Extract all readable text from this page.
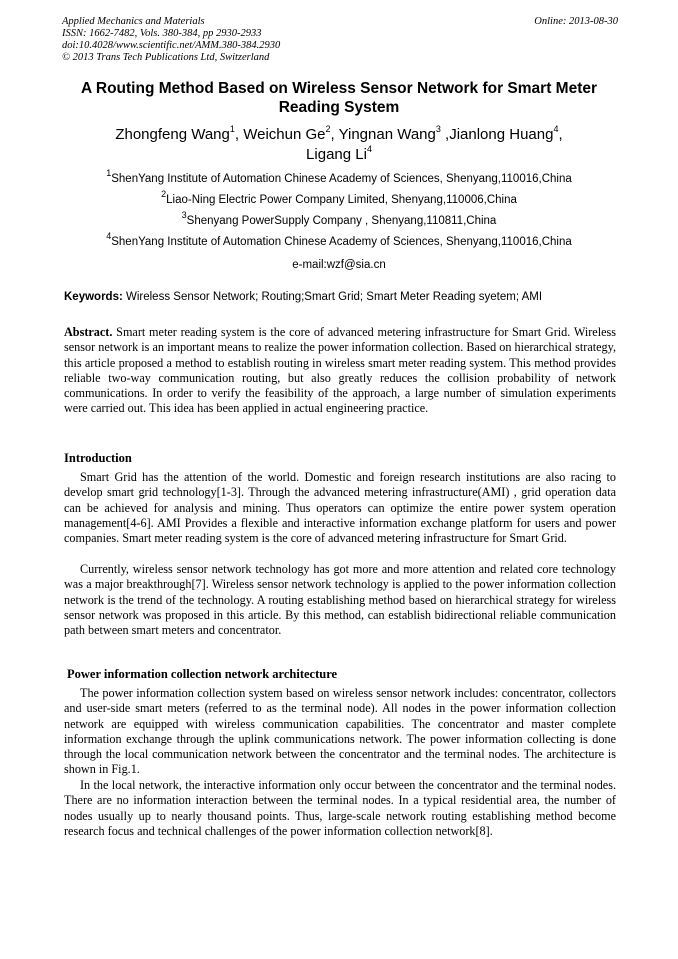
Applied Mechanics and Materials
ISSN: 1662-7482, Vols. 380-384, pp 2930-2933
doi:10.4028/www.scientific.net/AMM.380-384.2930
© 2013 Trans Tech Publications Ltd, Switzerland
Online: 2013-08-30
A Routing Method Based on Wireless Sensor Network for Smart Meter
Reading System
Zhongfeng Wang$^1$, Weichun Ge$^2$, Yingnan Wang$^3$ ,Jianlong Huang$^4$,
Ligang Li$^4$
$^1$ShenYang Institute of Automation Chinese Academy of Sciences, Shenyang,110016,China
$^2$Liao-Ning Electric Power Company Limited, Shenyang,110006,China
$^3$Shenyang PowerSupply Company , Shenyang,110811,China
$^4$ShenYang Institute of Automation Chinese Academy of Sciences, Shenyang,110016,China
e-mail:wzf@sia.cn
Keywords: Wireless Sensor Network; Routing;Smart Grid; Smart Meter Reading syetem; AMI
Abstract. Smart meter reading system is the core of advanced metering infrastructure for Smart Grid. Wireless sensor network is an important means to realize the power information collection. Based on hierarchical strategy, this article proposed a method to establish routing in wireless smart meter reading system. This method provides reliable two-way communication routing, but also greatly reduces the collision probability of network communications. In order to verify the feasibility of the approach, a large number of simulation experiments were carried out. This idea has been applied in actual engineering practice.
Introduction
Smart Grid has the attention of the world. Domestic and foreign research institutions are also racing to develop smart grid technology[1-3]. Through the advanced metering infrastructure(AMI) , grid operation data can be achieved for analysis and mining. Thus operators can optimize the entire power system operation management[4-6]. AMI Provides a flexible and interactive information exchange platform for users and power companies. Smart meter reading system is the core of advanced metering infrastructure for Smart Grid.
Currently, wireless sensor network technology has got more and more attention and related core technology was a major breakthrough[7]. Wireless sensor network technology is applied to the power information collection network is the trend of the technology. A routing establishing method based on hierarchical strategy for wireless sensor network was proposed in this article. By this method, can establish bidirectional reliable communication path between smart meters and concentrator.
Power information collection network architecture
The power information collection system based on wireless sensor network includes: concentrator, collectors and user-side smart meters (referred to as the terminal node). All nodes in the power information collection network are equipped with wireless communication capabilities. The concentrator and master complete information exchange through the uplink communications network. The power information collecting is done through the local communication network between the concentrator and the terminal nodes. The architecture is shown in Fig.1.
In the local network, the interactive information only occur between the concentrator and the terminal nodes. There are no information interaction between the terminal nodes. In a typical residential area, the number of nodes usually up to nearly thousand points. Thus, large-scale network routing establishing method become research focus and technical challenges of the power information collection network[8].
